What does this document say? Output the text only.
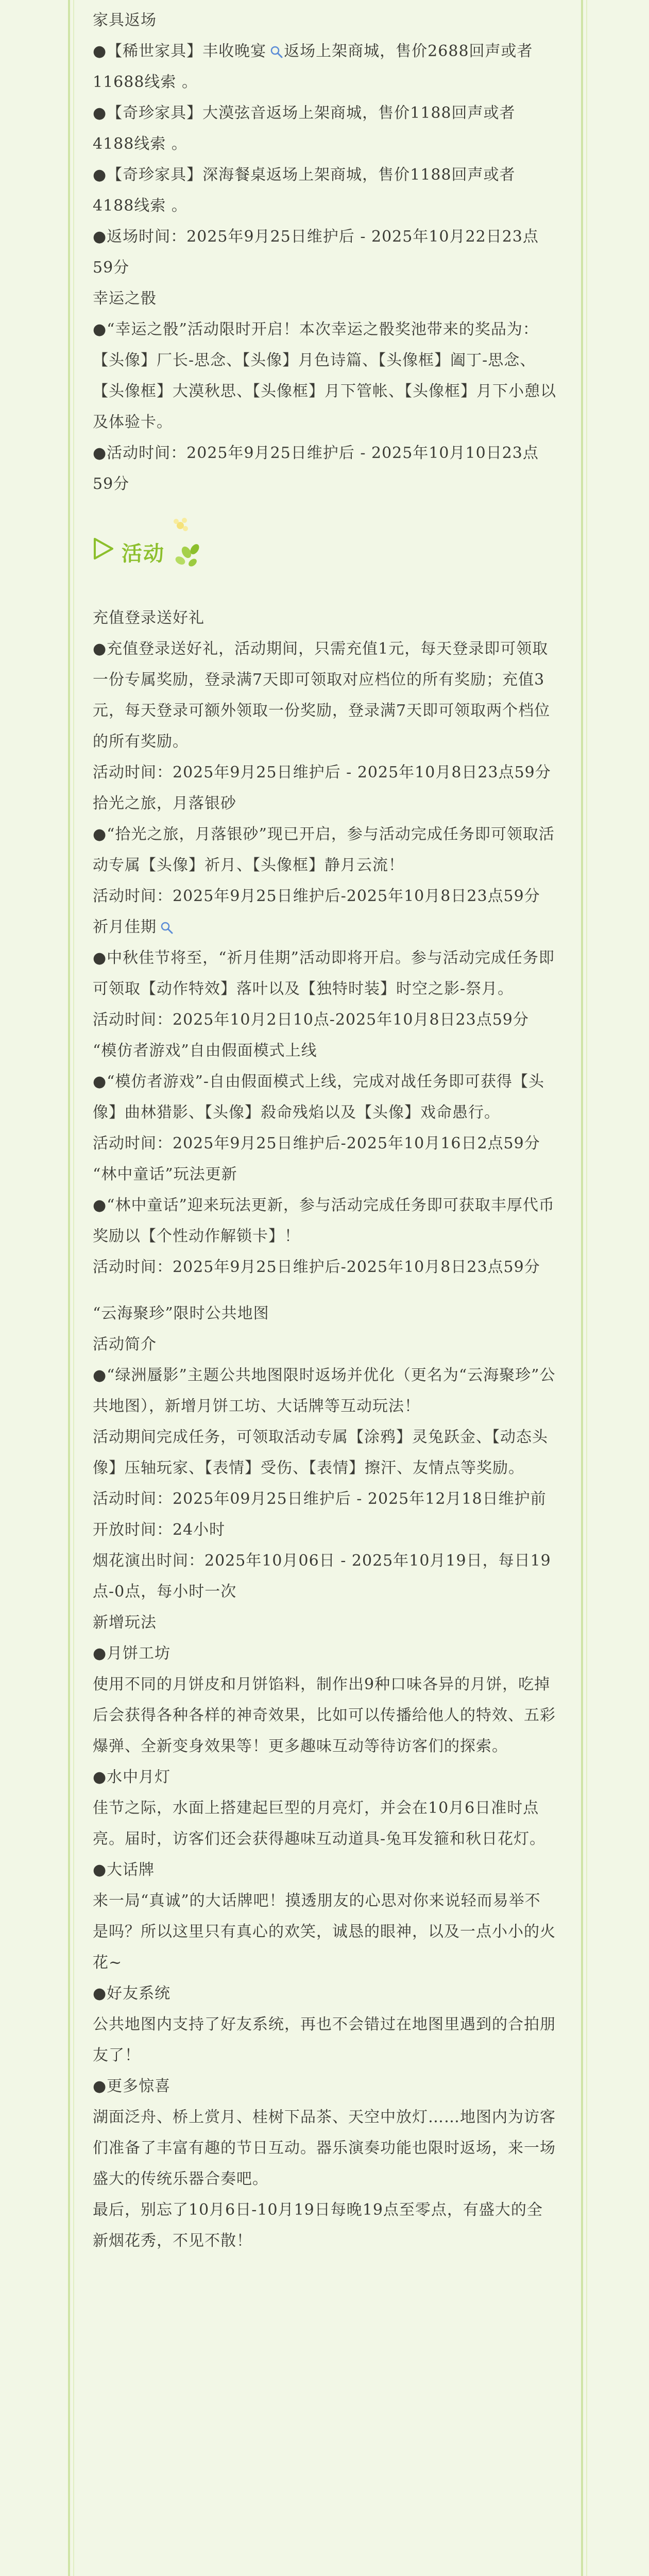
家具返场

●【稀世家具】丰收晚宴 返场上架商城，售价2688回声或者11688线索 。

●【奇珍家具】大漠弦音返场上架商城，售价1188回声或者4188线索 。

●【奇珍家具】深海餐桌返场上架商城，售价1188回声或者4188线索 。

●返场时间：2025年9月25日维护后 - 2025年10月22日23点59分

幸运之骰

●“幸运之骰”活动限时开启！本次幸运之骰奖池带来的奖品为：【头像】厂长-思念、【头像】月色诗篇、【头像框】阖丁-思念、【头像框】大漠秋思、【头像框】月下管帐、【头像框】月下小憩以及体验卡。

●活动时间：2025年9月25日维护后 - 2025年10月10日23点59分

活动

充值登录送好礼

●充值登录送好礼，活动期间，只需充值1元，每天登录即可领取一份专属奖励，登录满7天即可领取对应档位的所有奖励；充值3元，每天登录可额外领取一份奖励，登录满7天即可领取两个档位的所有奖励。

活动时间：2025年9月25日维护后 - 2025年10月8日23点59分

拾光之旅，月落银砂

●“拾光之旅，月落银砂”现已开启，参与活动完成任务即可领取活动专属【头像】祈月、【头像框】静月云流！

活动时间：2025年9月25日维护后-2025年10月8日23点59分

祈月佳期

●中秋佳节将至，“祈月佳期”活动即将开启。参与活动完成任务即可领取【动作特效】落叶以及【独特时装】时空之影-祭月。

活动时间：2025年10月2日10点-2025年10月8日23点59分

“模仿者游戏”自由假面模式上线

●“模仿者游戏”-自由假面模式上线，完成对战任务即可获得【头像】曲林猎影、【头像】殺命残焰以及【头像】戏命愚行。

活动时间：2025年9月25日维护后-2025年10月16日2点59分

“林中童话”玩法更新

●“林中童话”迎来玩法更新，参与活动完成任务即可获取丰厚代币奖励以【个性动作解锁卡】！

活动时间：2025年9月25日维护后-2025年10月8日23点59分

“云海聚珍”限时公共地图

活动简介

●“绿洲蜃影”主题公共地图限时返场并优化（更名为“云海聚珍”公共地图），新增月饼工坊、大话牌等互动玩法！

活动期间完成任务，可领取活动专属【涂鸦】灵兔跃金、【动态头像】压轴玩家、【表情】受伤、【表情】擦汗、友情点等奖励。

活动时间：2025年09月25日维护后 - 2025年12月18日维护前

开放时间：24小时

烟花演出时间：2025年10月06日 - 2025年10月19日，每日19点-0点，每小时一次

新增玩法

●月饼工坊

使用不同的月饼皮和月饼馅料，制作出9种口味各异的月饼，吃掉后会获得各种各样的神奇效果，比如可以传播给他人的特效、五彩爆弹、全新变身效果等！更多趣味互动等待访客们的探索。

●水中月灯

佳节之际，水面上搭建起巨型的月亮灯，并会在10月6日准时点亮。届时，访客们还会获得趣味互动道具-兔耳发箍和秋日花灯。

●大话牌

来一局“真诚”的大话牌吧！摸透朋友的心思对你来说轻而易举不是吗？所以这里只有真心的欢笑，诚恳的眼神，以及一点小小的火花~

●好友系统

公共地图内支持了好友系统，再也不会错过在地图里遇到的合拍朋友了！

●更多惊喜

湖面泛舟、桥上赏月、桂树下品茶、天空中放灯……地图内为访客们准备了丰富有趣的节日互动。器乐演奏功能也限时返场，来一场盛大的传统乐器合奏吧。

最后，别忘了10月6日-10月19日每晚19点至零点，有盛大的全新烟花秀，不见不散！
